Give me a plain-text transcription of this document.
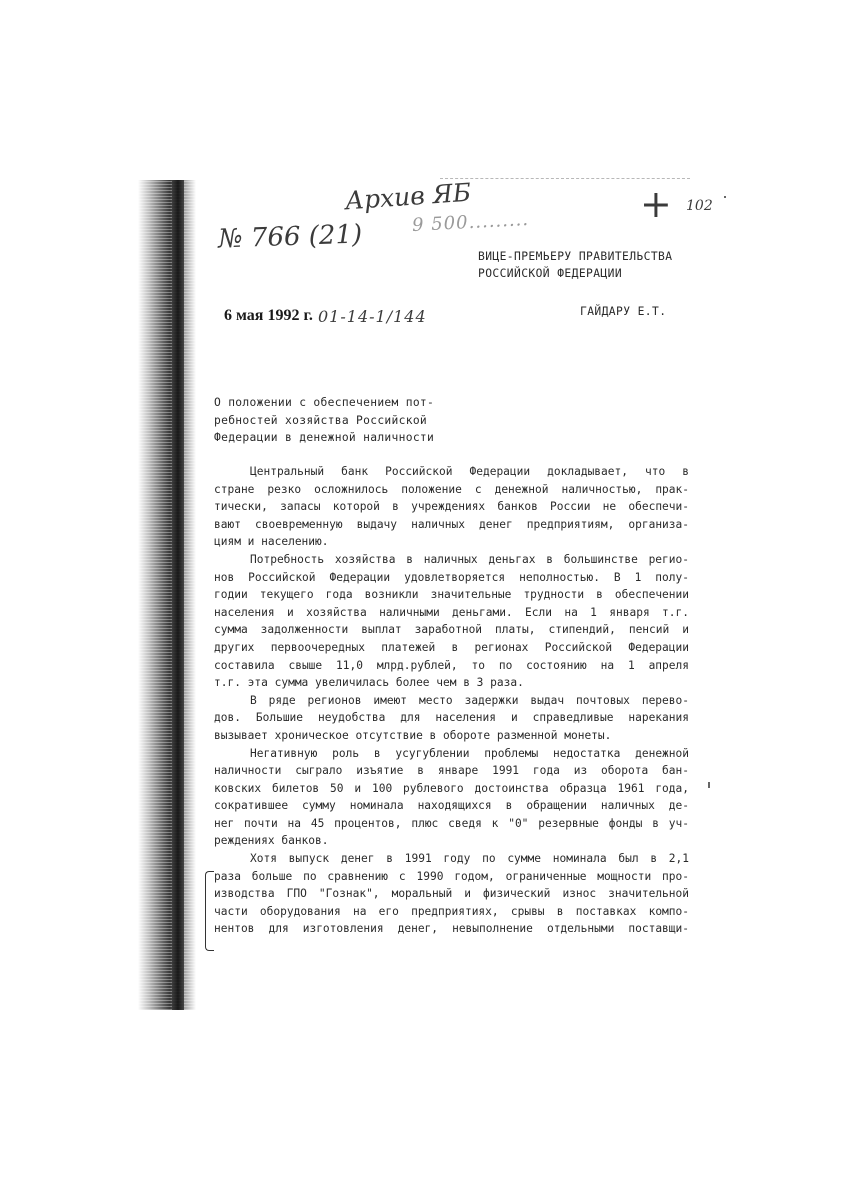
Архив ЯБ
№ 766 (21)	9 500.........	+ 102
ВИЦЕ-ПРЕМЬЕРУ ПРАВИТЕЛЬСТВА
РОССИЙСКОЙ ФЕДЕРАЦИИ
ГАЙДАРУ Е.Т.
6 мая 1992 г. 01-14-1/144
О положении с обеспечением пот-
ребностей хозяйства Российской
Федерации в денежной наличности
Центральный банк Российской Федерации докладывает, что в
стране резко осложнилось положение с денежной наличностью, прак-
тически, запасы которой в учреждениях банков России не обеспечи-
вают своевременную выдачу наличных денег предприятиям, организа-
циям и населению.
Потребность хозяйства в наличных деньгах в большинстве регио-
нов Российской Федерации удовлетворяется неполностью. В 1 полу-
годии текущего года возникли значительные трудности в обеспечении
населения и хозяйства наличными деньгами. Если на 1 января т.г.
сумма задолженности выплат заработной платы, стипендий, пенсий и
других первоочередных платежей в регионах Российской Федерации
составила свыше 11,0 млрд.рублей, то по состоянию на 1 апреля
т.г. эта сумма увеличилась более чем в 3 раза.
В ряде регионов имеют место задержки выдач почтовых перево-
дов. Большие неудобства для населения и справедливые нарекания
вызывает хроническое отсутствие в обороте разменной монеты.
Негативную роль в усугублении проблемы недостатка денежной
наличности сыграло изъятие в январе 1991 года из оборота бан-
ковских билетов 50 и 100 рублевого достоинства образца 1961 года,
сократившее сумму номинала находящихся в обращении наличных де-
нег почти на 45 процентов, плюс сведя к "0" резервные фонды в уч-
реждениях банков.
Хотя выпуск денег в 1991 году по сумме номинала был в 2,1
раза больше по сравнению с 1990 годом, ограниченные мощности про-
изводства ГПО "Гознак", моральный и физический износ значительной
части оборудования на его предприятиях, срывы в поставках компо-
нентов для изготовления денег, невыполнение отдельными поставщи-
